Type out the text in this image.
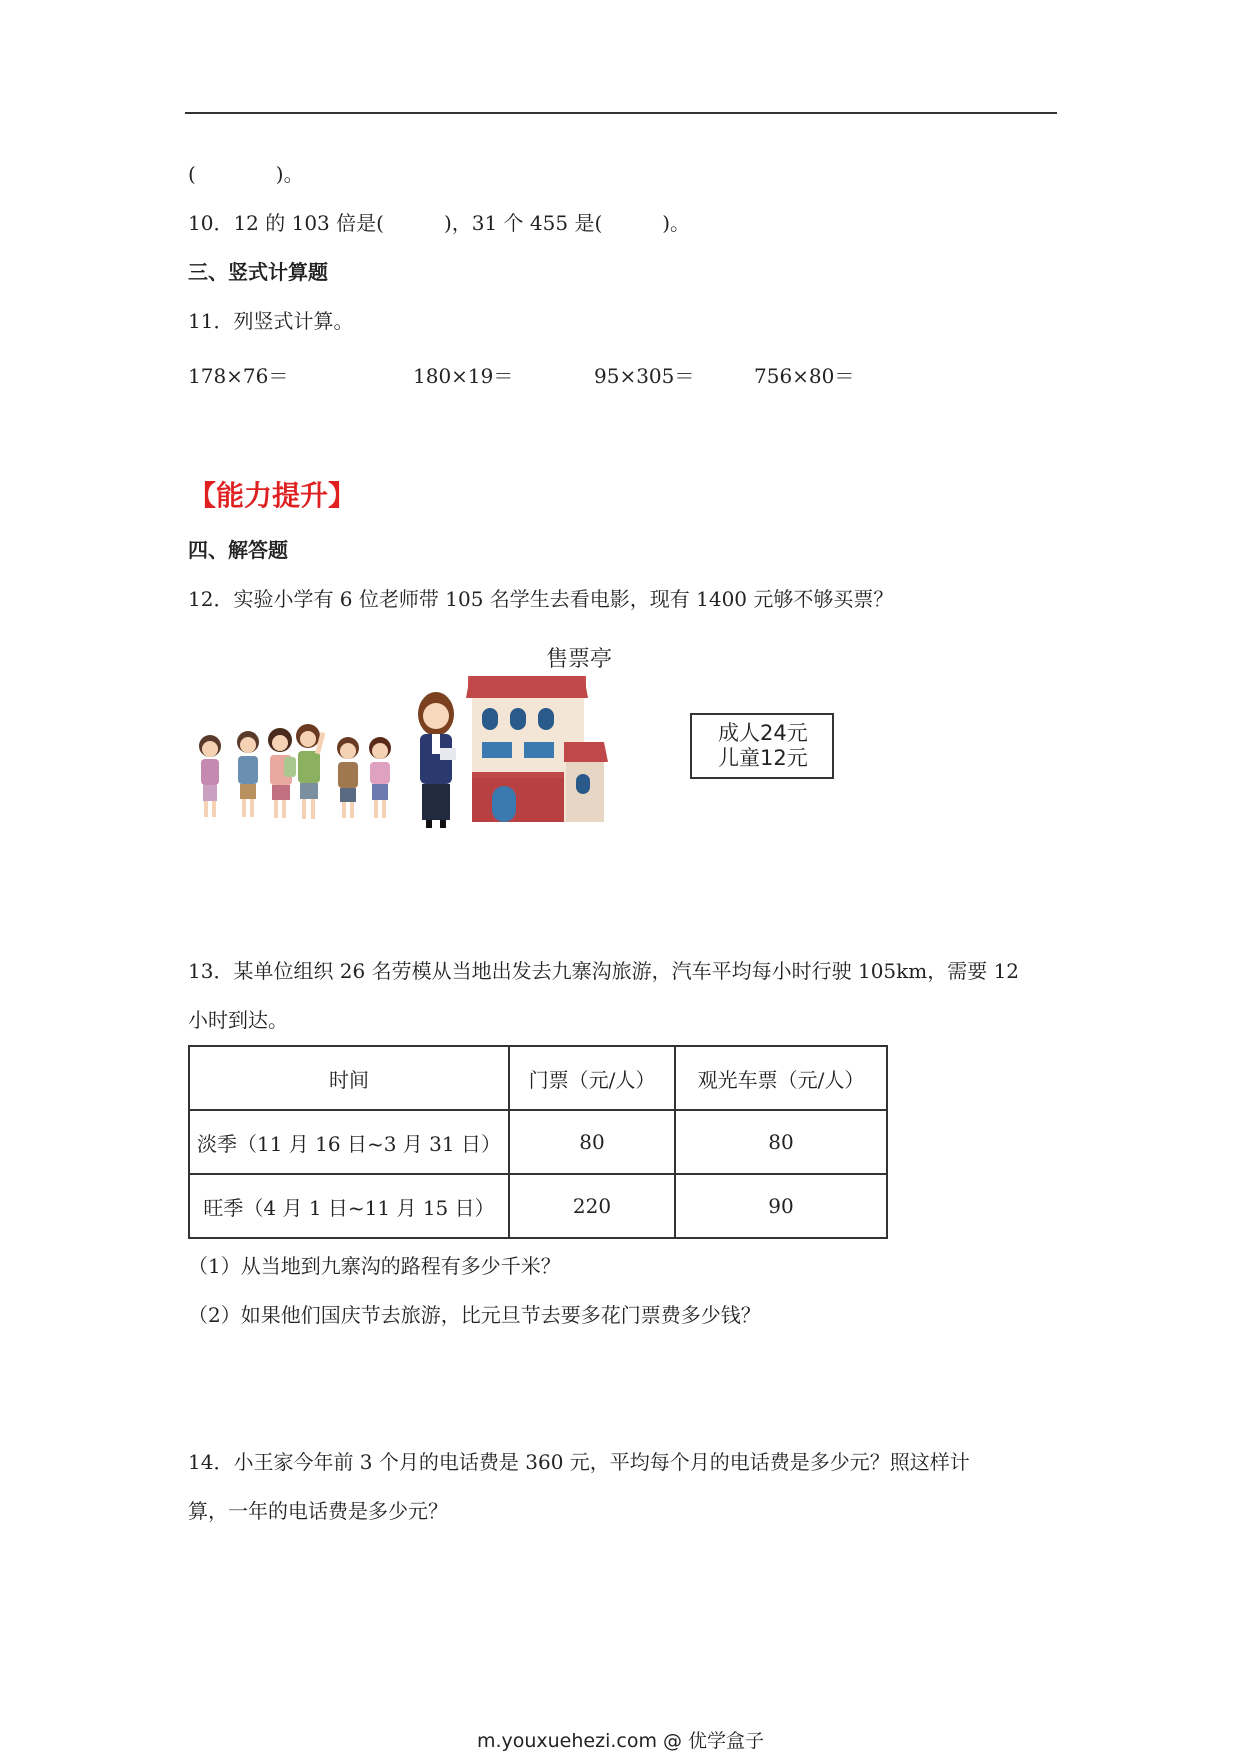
(　　　　)。
10．12 的 103 倍是(　　　)，31 个 455 是(　　　)。
三、竖式计算题
11．列竖式计算。
178×76＝	180×19＝	95×305＝	756×80＝
【能力提升】
四、解答题
12．实验小学有 6 位老师带 105 名学生去看电影，现有 1400 元够不够买票？
售票亭
成人24元
儿童12元
13．某单位组织 26 名劳模从当地出发去九寨沟旅游，汽车平均每小时行驶 105km，需要 12
小时到达。
时间	门票（元/人）	观光车票（元/人）
淡季（11 月 16 日~3 月 31 日）	80	80
旺季（4 月 1 日~11 月 15 日）	220	90
（1）从当地到九寨沟的路程有多少千米？
（2）如果他们国庆节去旅游，比元旦节去要多花门票费多少钱？
14．小王家今年前 3 个月的电话费是 360 元，平均每个月的电话费是多少元？照这样计
算，一年的电话费是多少元？
m.youxuehezi.com @ 优学盒子
